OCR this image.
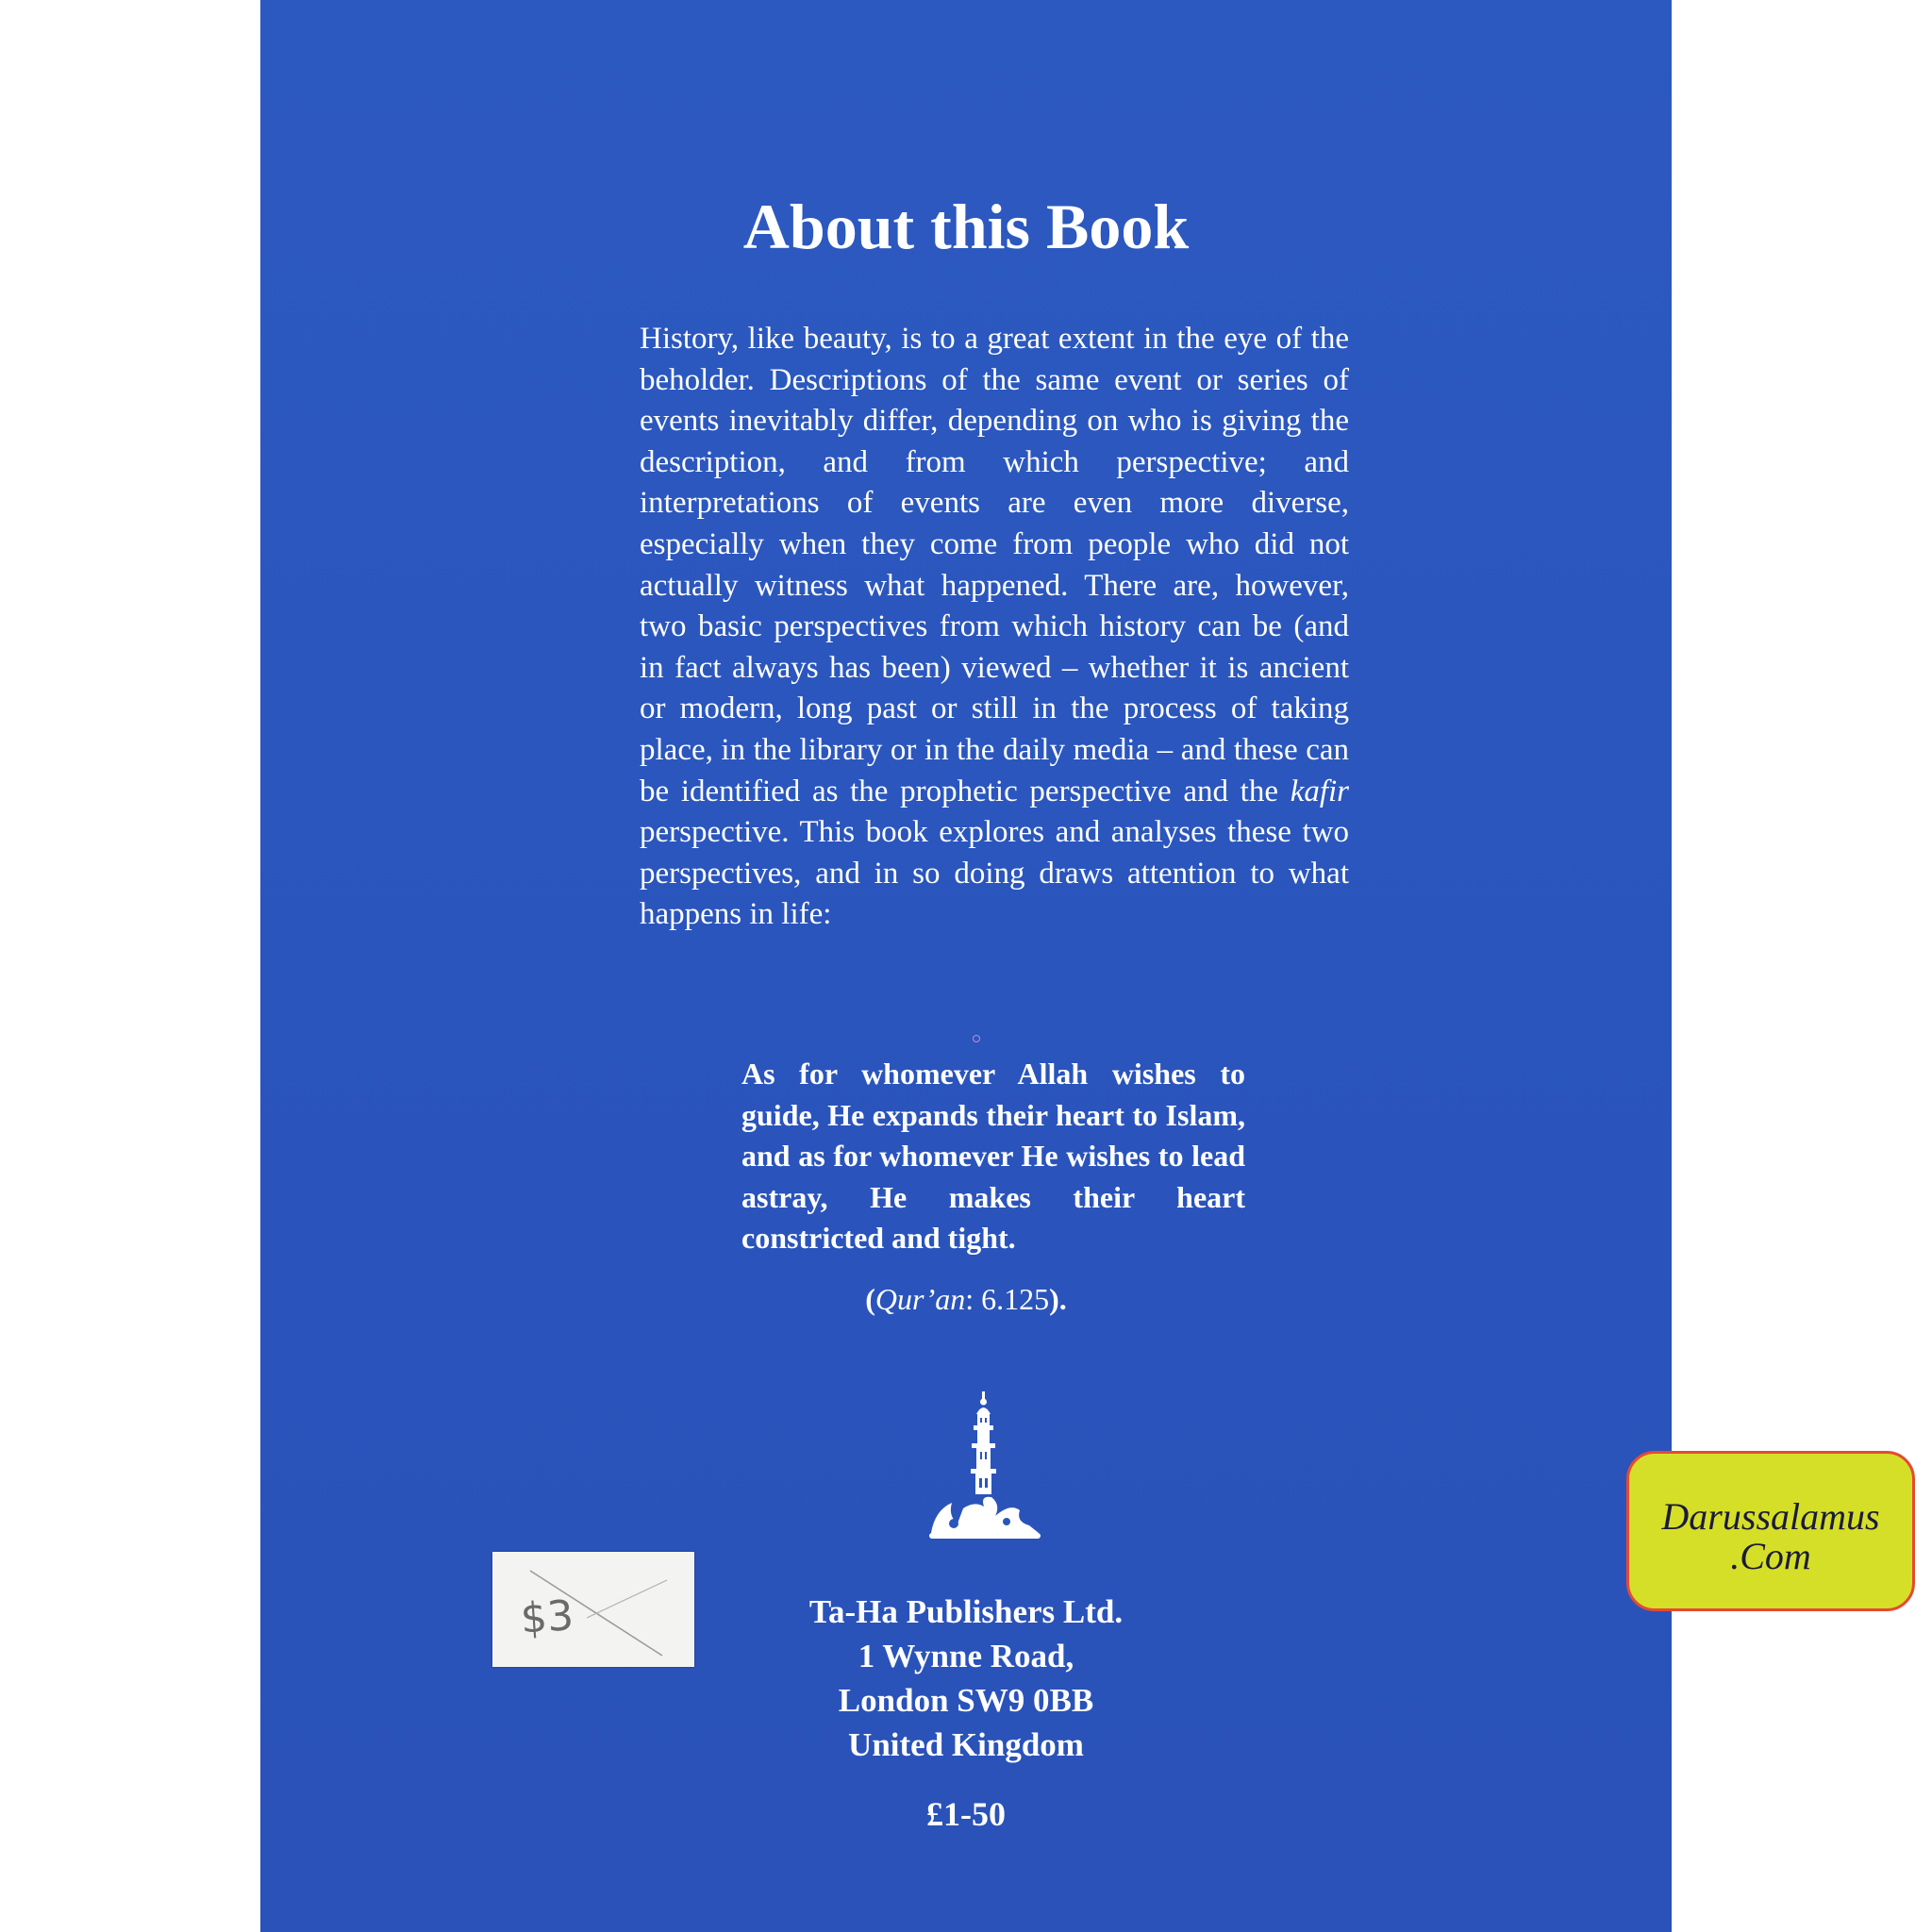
About this Book
History, like beauty, is to a great extent in the eye of the beholder. Descriptions of the same event or series of events inevitably differ, depending on who is giving the description, and from which perspective; and interpretations of events are even more diverse, especially when they come from people who did not actually witness what happened. There are, however, two basic perspectives from which history can be (and in fact always has been) viewed – whether it is ancient or modern, long past or still in the process of taking place, in the library or in the daily media – and these can be identified as the prophetic perspective and the kafir perspective. This book explores and analyses these two perspectives, and in so doing draws attention to what happens in life:
As for whomever Allah wishes to guide, He expands their heart to Islam, and as for whomever He wishes to lead astray, He makes their heart constricted and tight.
(Qur’an: 6.125).
Ta-Ha Publishers Ltd.
1 Wynne Road,
London SW9 0BB
United Kingdom
£1-50
$3
Darussalamus
.Com
